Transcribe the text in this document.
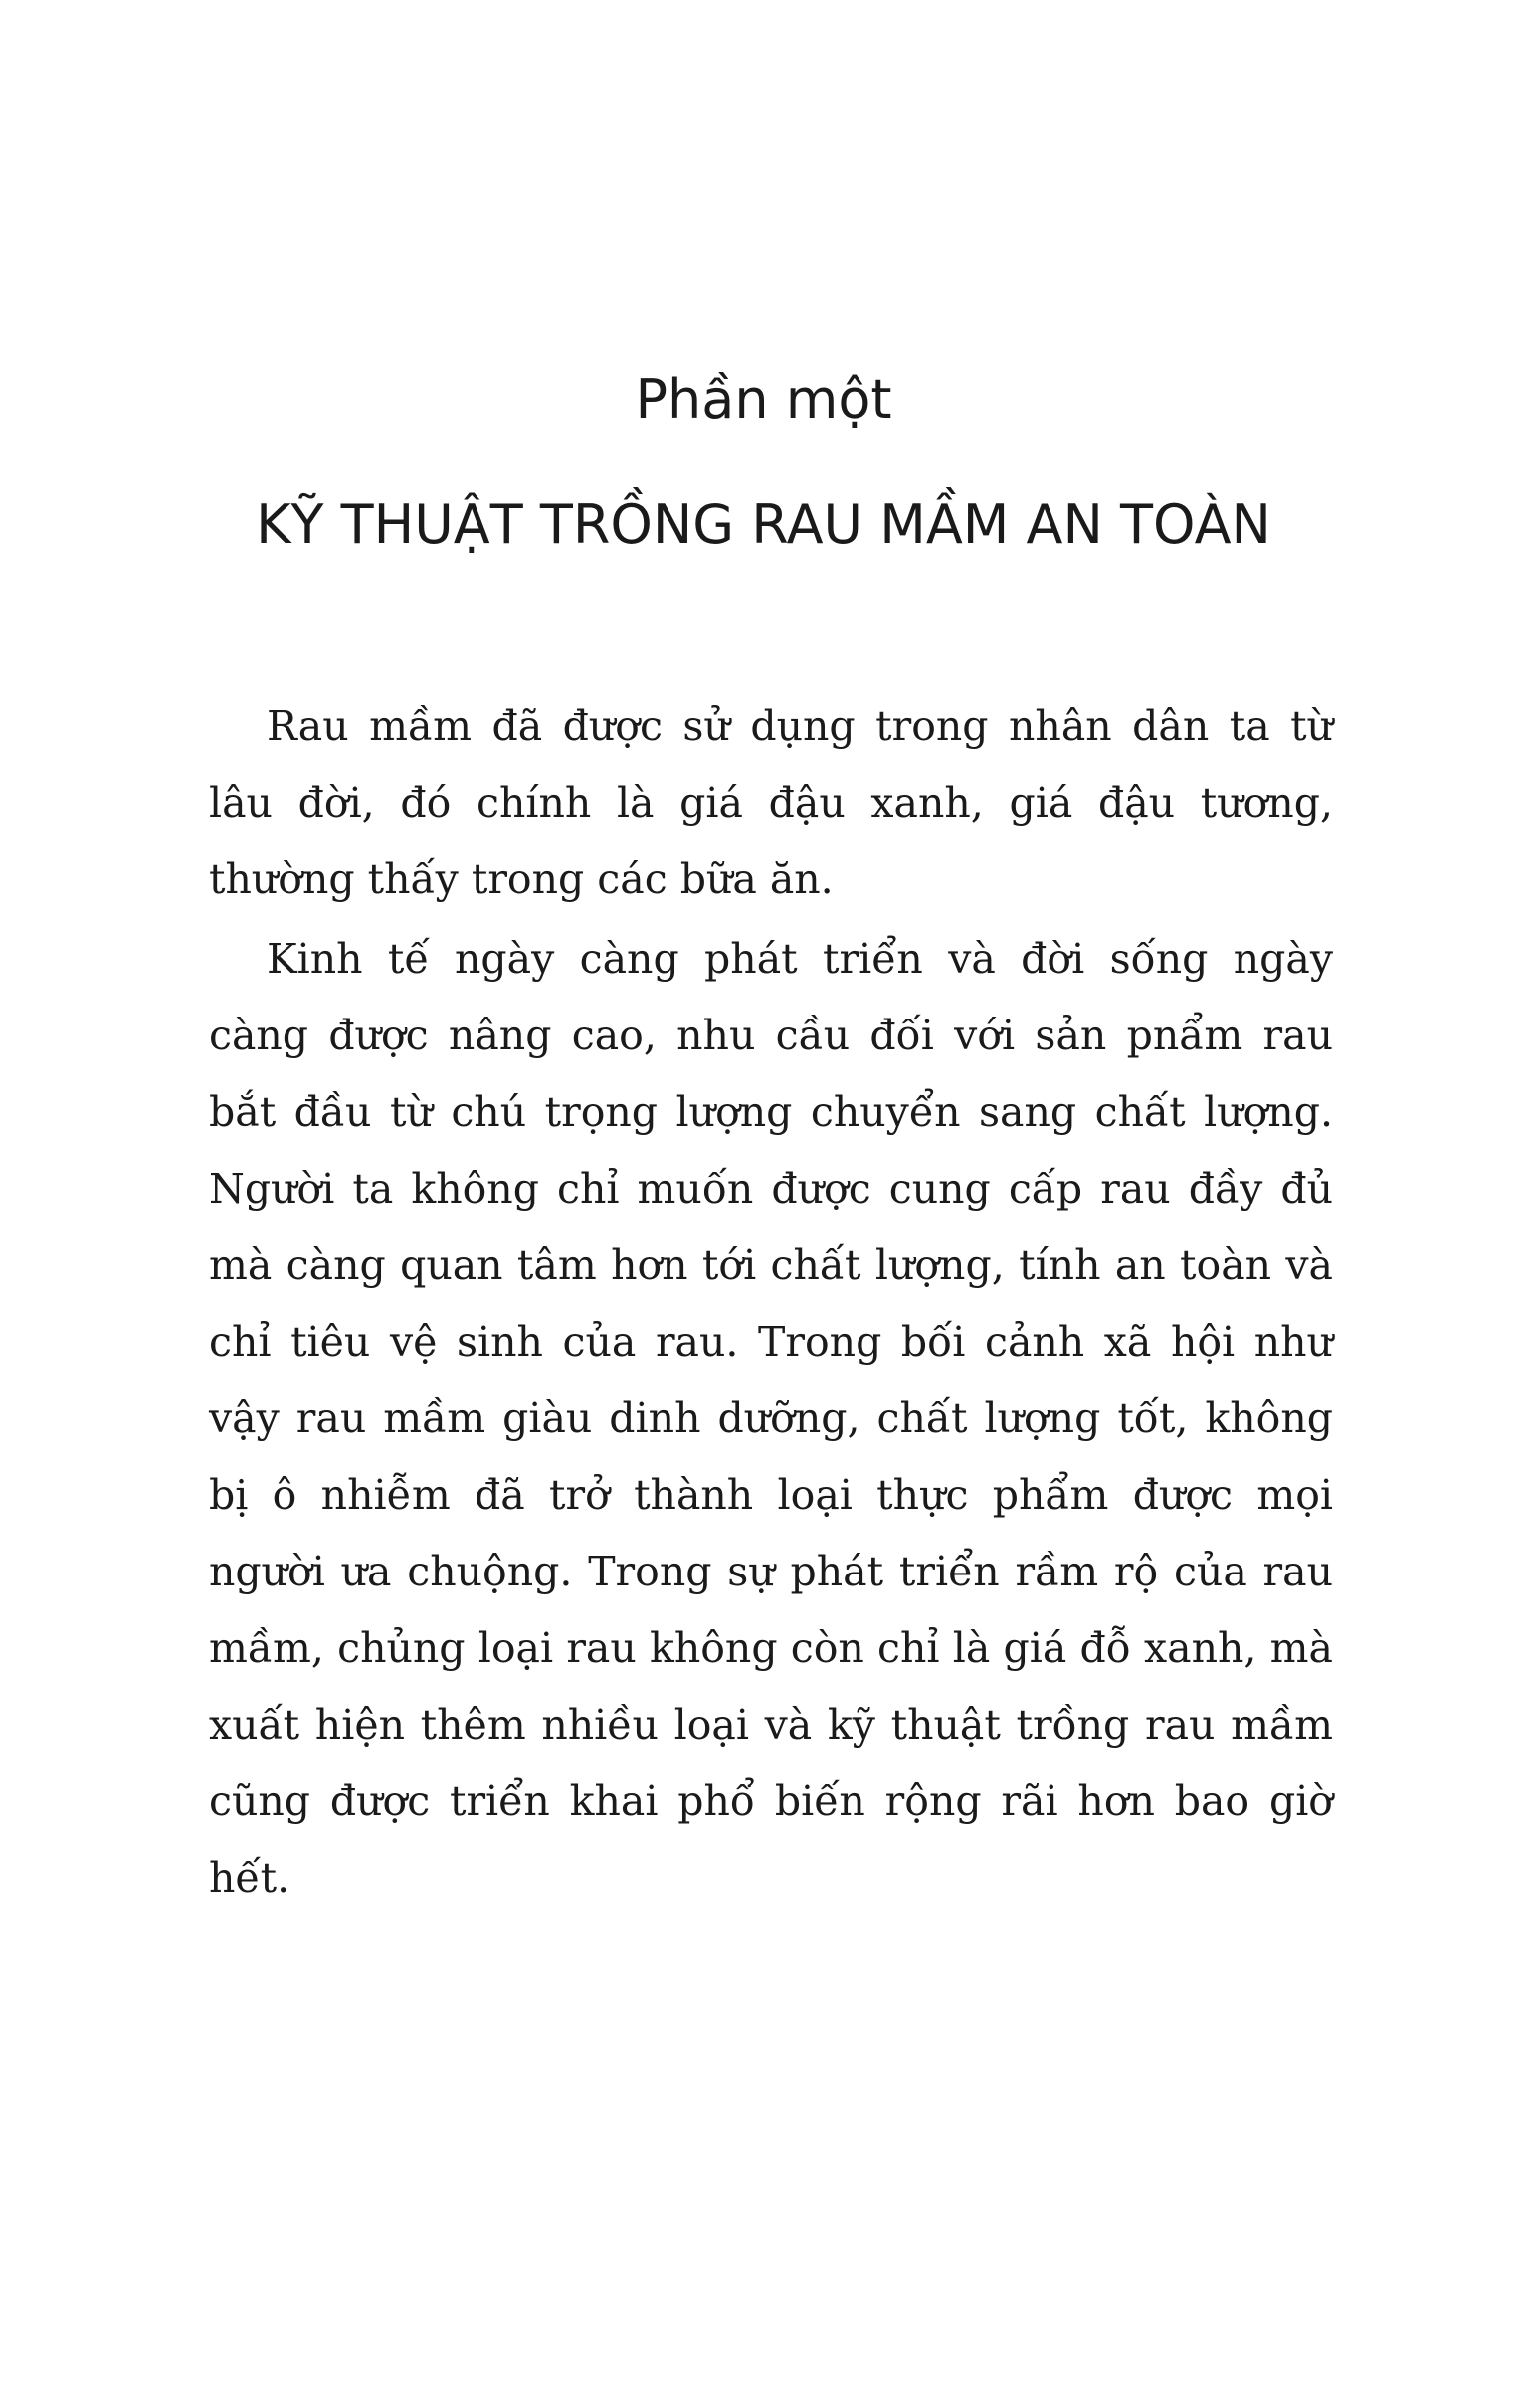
Phần một
KỸ THUẬT TRỒNG RAU MẦM AN TOÀN

Rau mầm đã được sử dụng trong nhân dân ta từ lâu đời, đó chính là giá đậu xanh, giá đậu tương, thường thấy trong các bữa ăn.

Kinh tế ngày càng phát triển và đời sống ngày càng được nâng cao, nhu cầu đối với sản pnẩm rau bắt đầu từ chú trọng lượng chuyển sang chất lượng. Người ta không chỉ muốn được cung cấp rau đầy đủ mà càng quan tâm hơn tới chất lượng, tính an toàn và chỉ tiêu vệ sinh của rau. Trong bối cảnh xã hội như vậy rau mầm giàu dinh dưỡng, chất lượng tốt, không bị ô nhiễm đã trở thành loại thực phẩm được mọi người ưa chuộng. Trong sự phát triển rầm rộ của rau mầm, chủng loại rau không còn chỉ là giá đỗ xanh, mà xuất hiện thêm nhiều loại và kỹ thuật trồng rau mầm cũng được triển khai phổ biến rộng rãi hơn bao giờ hết.
